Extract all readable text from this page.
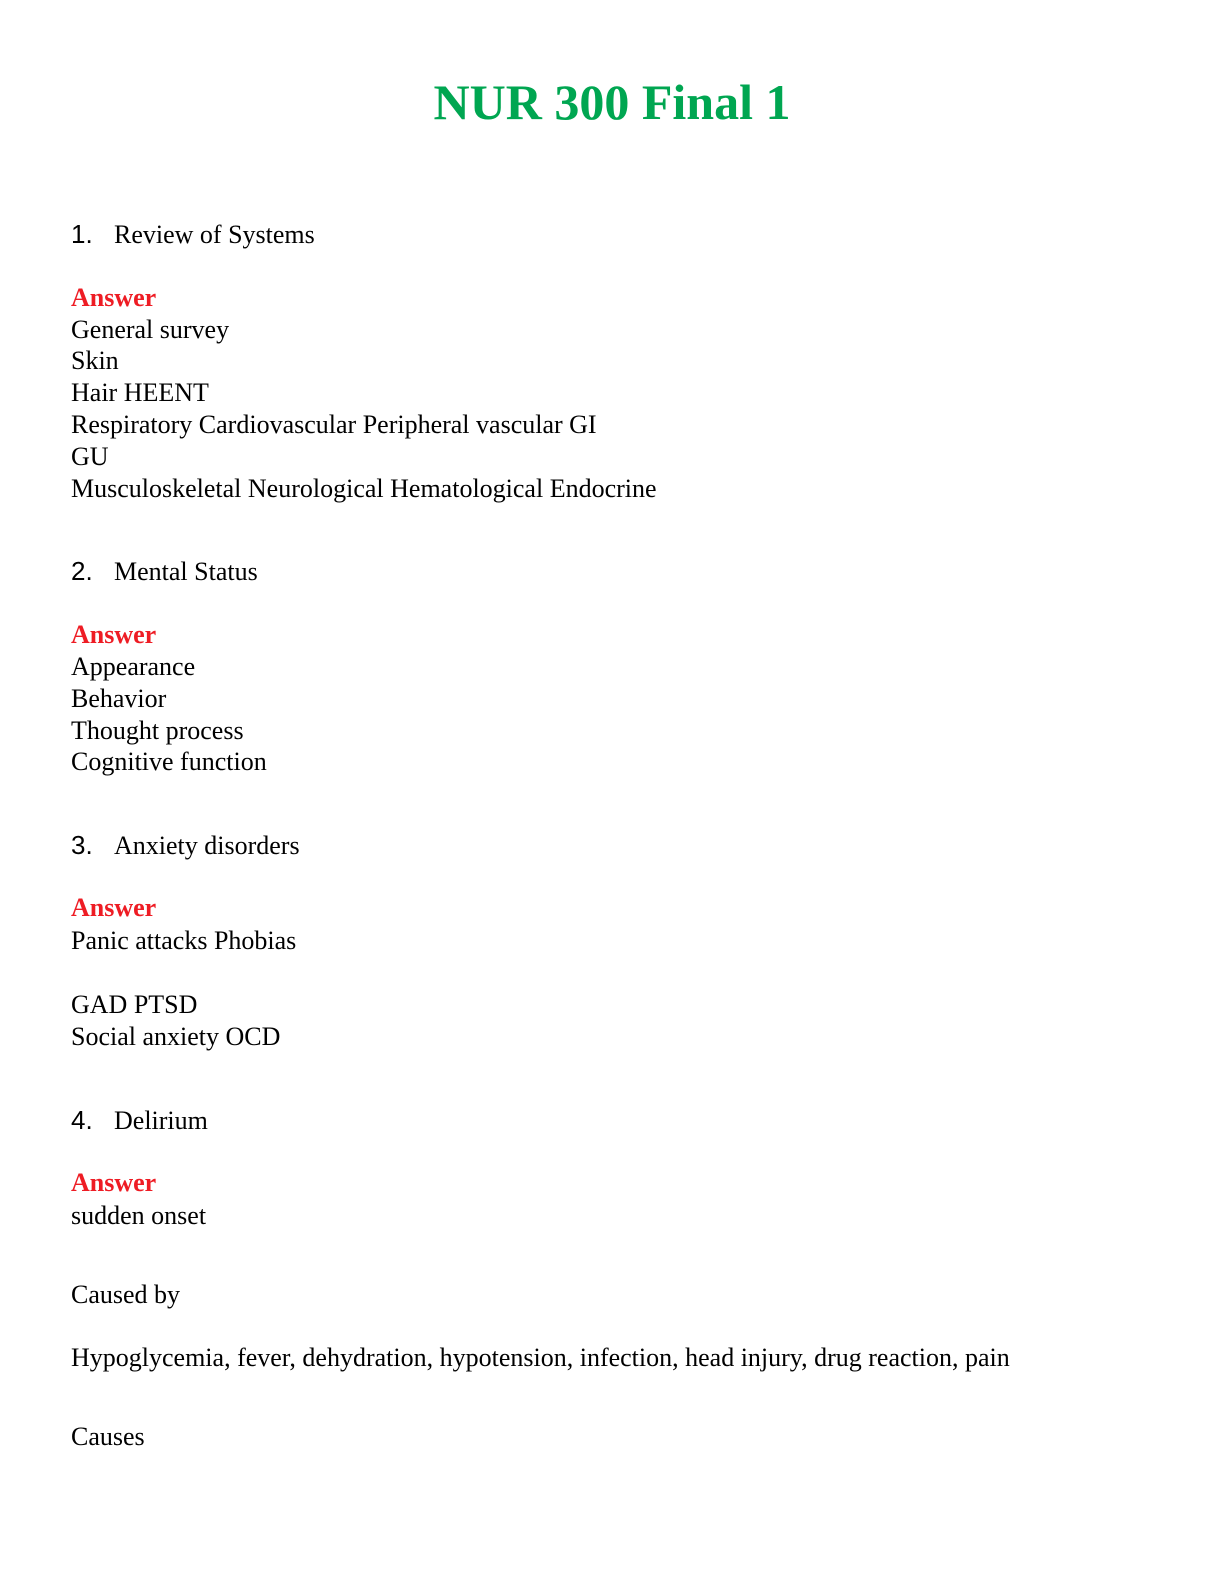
NUR 300 Final 1
1. Review of Systems
Answer
General survey
Skin
Hair HEENT
Respiratory Cardiovascular Peripheral vascular GI
GU
Musculoskeletal Neurological Hematological Endocrine
2. Mental Status
Answer
Appearance
Behavior
Thought process
Cognitive function
3. Anxiety disorders
Answer
Panic attacks Phobias
GAD PTSD
Social anxiety OCD
4. Delirium
Answer
sudden onset
Caused by
Hypoglycemia, fever, dehydration, hypotension, infection, head injury, drug reaction, pain
Causes
